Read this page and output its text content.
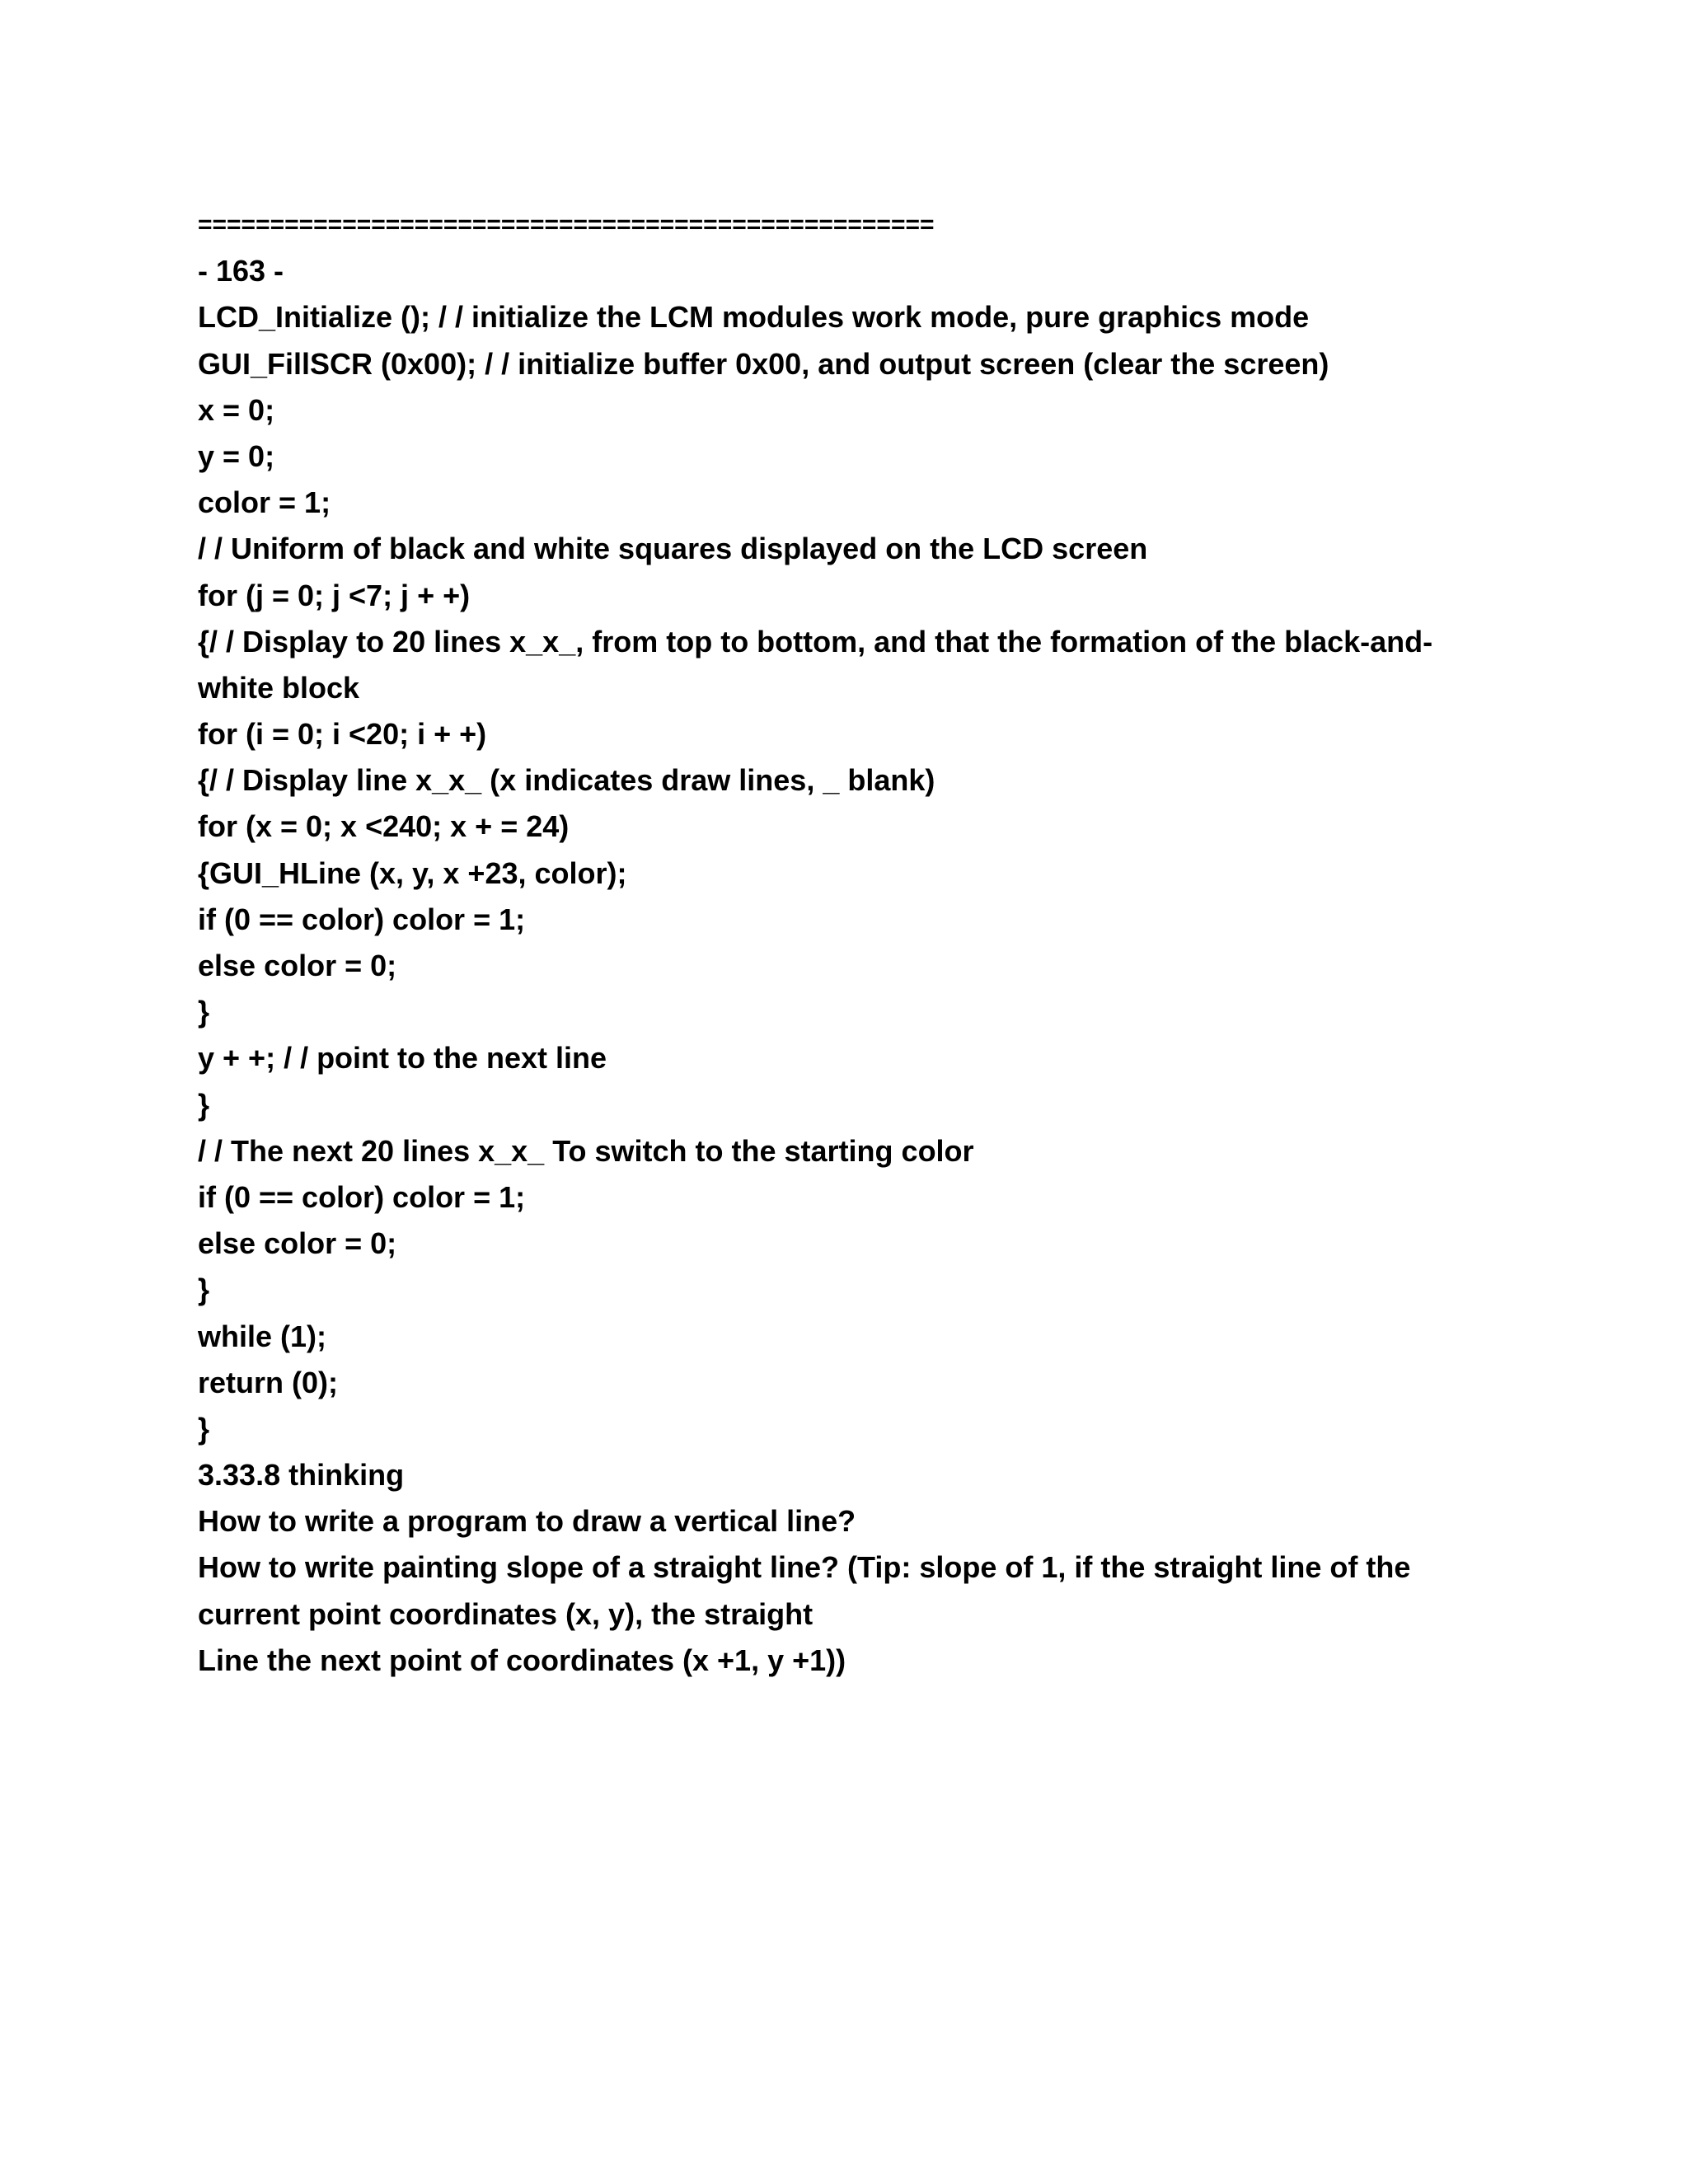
===================================================
- 163 -
LCD_Initialize (); / / initialize the LCM modules work mode, pure graphics mode
GUI_FillSCR (0x00); / / initialize buffer 0x00, and output screen (clear the screen)
x = 0;
y = 0;
color = 1;
/ / Uniform of black and white squares displayed on the LCD screen
for (j = 0; j <7; j + +)
{/ / Display to 20 lines x_x_, from top to bottom, and that the formation of the black-and-
white block
for (i = 0; i <20; i + +)
{/ / Display line x_x_ (x indicates draw lines, _ blank)
for (x = 0; x <240; x + = 24)
{GUI_HLine (x, y, x +23, color);
if (0 == color) color = 1;
else color = 0;
}
y + +; / / point to the next line
}
/ / The next 20 lines x_x_ To switch to the starting color
if (0 == color) color = 1;
else color = 0;
}
while (1);
return (0);
}
3.33.8 thinking
How to write a program to draw a vertical line?
How to write painting slope of a straight line? (Tip: slope of 1, if the straight line of the
current point coordinates (x, y), the straight
Line the next point of coordinates (x +1, y +1))
